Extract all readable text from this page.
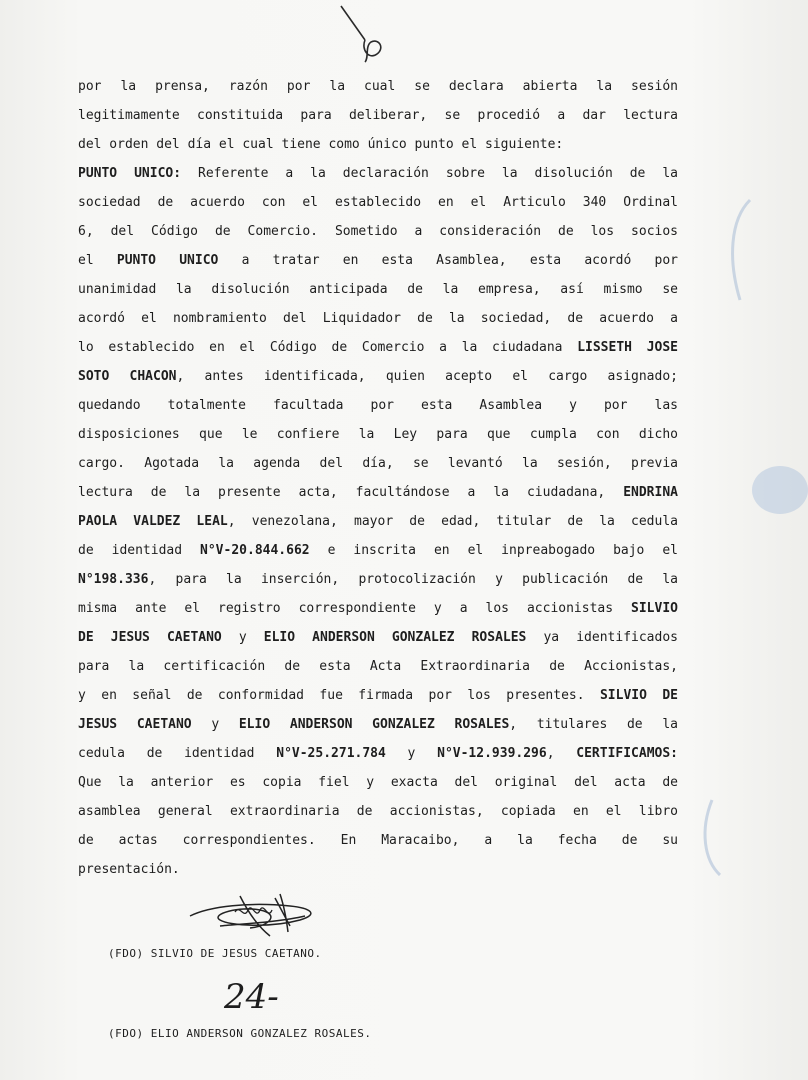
por la prensa, razón por la cual se declara abierta la sesión
legitimamente constituida para deliberar, se procedió a dar lectura
del orden del día el cual tiene como único punto el siguiente:
PUNTO UNICO: Referente a la declaración sobre la disolución de la
sociedad de acuerdo con el establecido en el Articulo 340 Ordinal
6, del Código de Comercio. Sometido a consideración de los socios
el PUNTO UNICO a tratar en esta Asamblea, esta acordó por
unanimidad la disolución anticipada de la empresa, así mismo se
acordó el nombramiento del Liquidador de la sociedad, de acuerdo a
lo establecido en el Código de Comercio a la ciudadana LISSETH JOSE
SOTO CHACON, antes identificada, quien acepto el cargo asignado;
quedando totalmente facultada por esta Asamblea y por las
disposiciones que le confiere la Ley para que cumpla con dicho
cargo. Agotada la agenda del día, se levantó la sesión, previa
lectura de la presente acta, facultándose a la ciudadana, ENDRINA
PAOLA VALDEZ LEAL, venezolana, mayor de edad, titular de la cedula
de identidad N°V-20.844.662 e inscrita en el inpreabogado bajo el
N°198.336, para la inserción, protocolización y publicación de la
misma ante el registro correspondiente y a los accionistas SILVIO
DE JESUS CAETANO y ELIO ANDERSON GONZALEZ ROSALES ya identificados
para la certificación de esta Acta Extraordinaria de Accionistas,
y en señal de conformidad fue firmada por los presentes. SILVIO DE
JESUS CAETANO y ELIO ANDERSON GONZALEZ ROSALES, titulares de la
cedula de identidad N°V-25.271.784 y N°V-12.939.296, CERTIFICAMOS:
Que la anterior es copia fiel y exacta del original del acta de
asamblea general extraordinaria de accionistas, copiada en el libro
de actas correspondientes. En Maracaibo, a la fecha de su
presentación.
(FDO) SILVIO DE JESUS CAETANO.
24-
(FDO) ELIO ANDERSON GONZALEZ ROSALES.
